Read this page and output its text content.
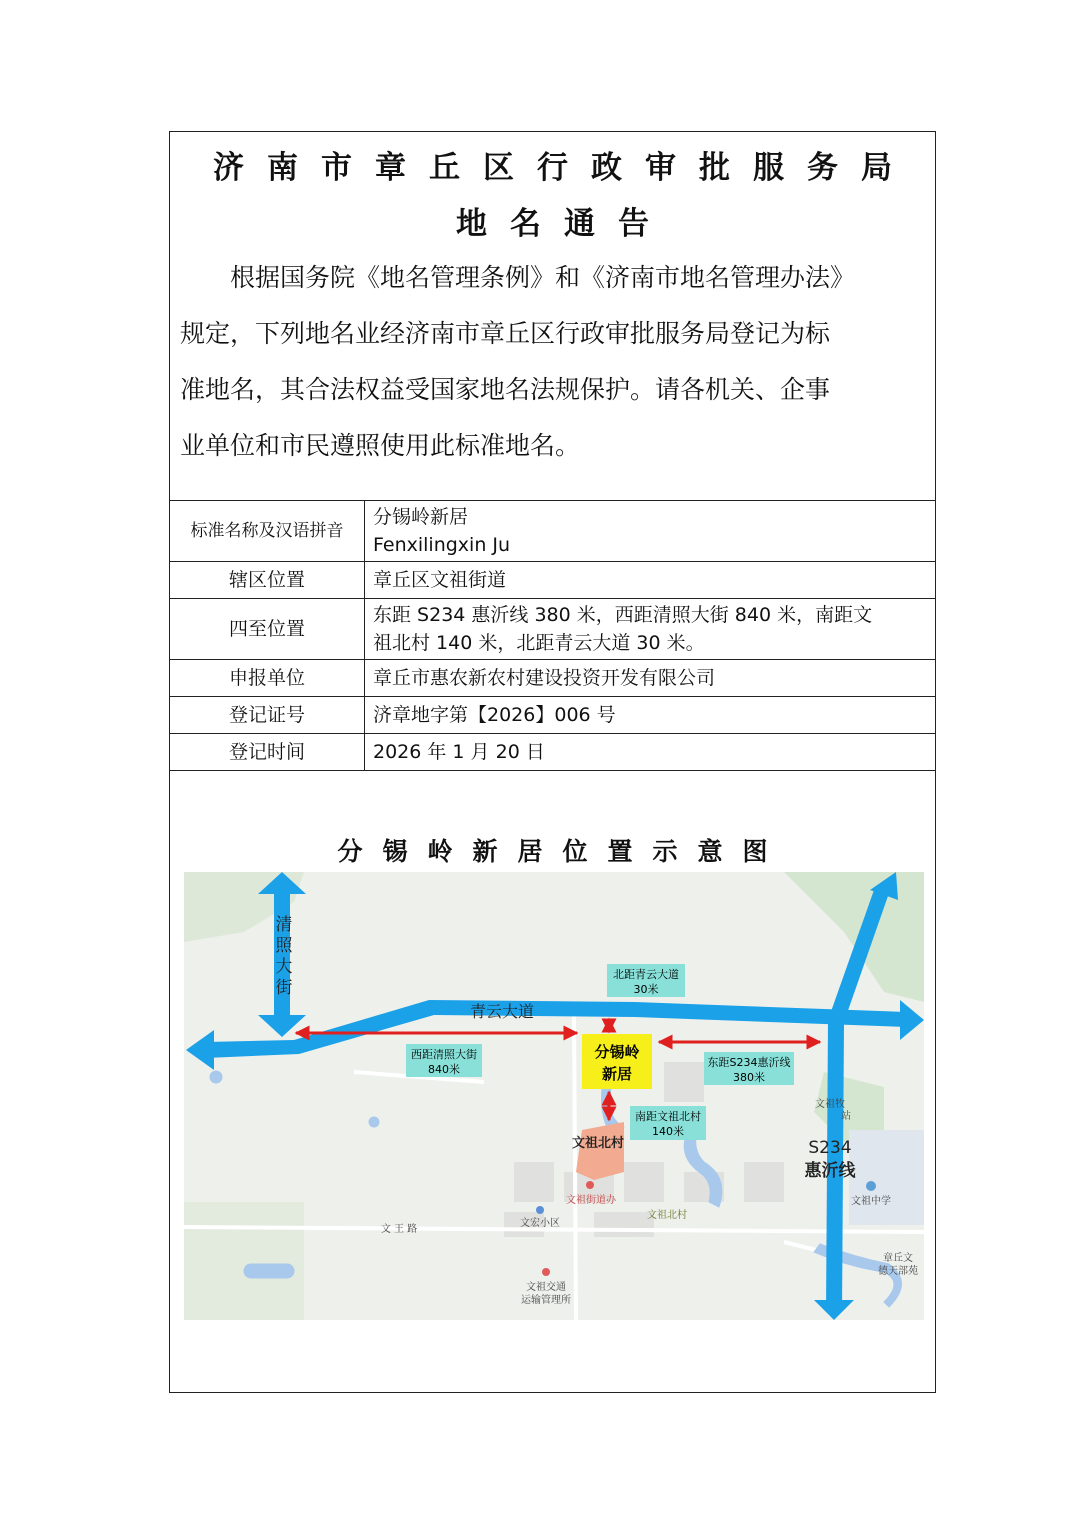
济南市章丘区行政审批服务局
地名通告
　　根据国务院《地名管理条例》和《济南市地名管理办法》
规定，下列地名业经济南市章丘区行政审批服务局登记为标
准地名，其合法权益受国家地名法规保护。请各机关、企事
业单位和市民遵照使用此标准地名。
标准名称及汉语拼音	分锡岭新居
Fenxilingxin Ju

辖区位置	章丘区文祖街道
四至位置	东距 S234 惠沂线 380 米，西距清照大街 840 米，南距文
祖北村 140 米，北距青云大道 30 米。

申报单位	章丘市惠农新农村建设投资开发有限公司
登记证号	济章地字第【2026】006 号
登记时间	2026 年 1 月 20 日
分锡岭新居位置示意图
分锡岭
新居
北距青云大道
30米
西距清照大街
840米
东距S234惠沂线
380米
南距文祖北村
140米
清
照
大
街
青云大道
S234
惠沂线
文祖北村
文祖街道办
文宏小区
文祖北村
文 王 路
文祖交通
运输管理所
文祖中学
文祖牧
站
章丘文
德天部苑
